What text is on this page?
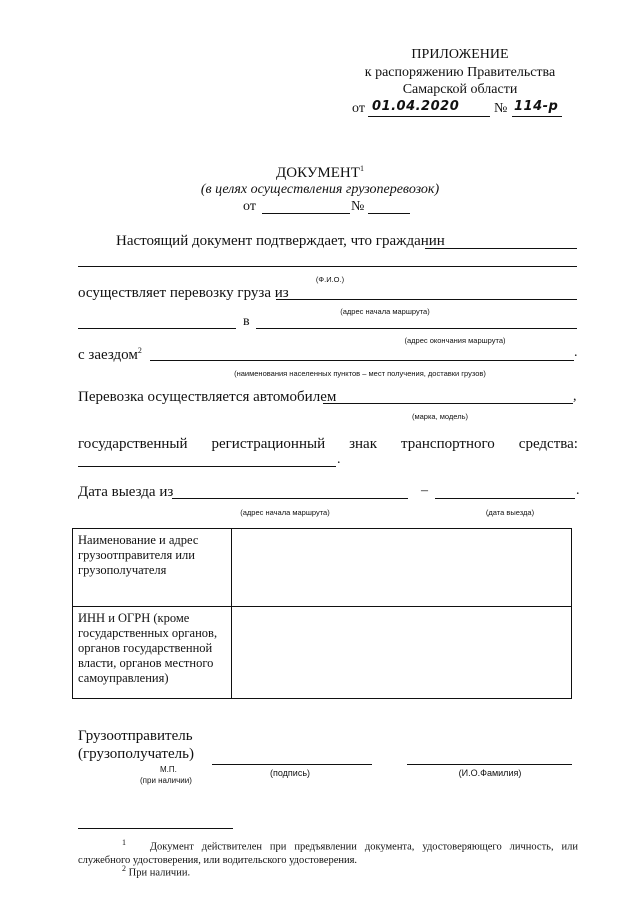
ПРИЛОЖЕНИЕ
к распоряжению Правительства
Самарской области
от 01.04.2020 № 114-р
ДОКУМЕНТ$^1$
(в целях осуществления грузоперевозок)
от	№
Настоящий документ подтверждает, что гражданин
(Ф.И.О.)
осуществляет перевозку груза из
(адрес начала маршрута)
в
(адрес окончания маршрута)
с заездом$^2$	.
(наименования населенных пунктов – мест получения, доставки грузов)
Перевозка осуществляется автомобилем	,
(марка, модель)
государственный регистрационный знак транспортного средства:
.
Дата выезда из	–	.
(адрес начала маршрута)	(дата выезда)
Наименование и адрес грузоотправителя или грузополучателя	
ИНН и ОГРН (кроме государственных органов, органов государственной власти, органов местного самоуправления)	
Грузоотправитель
(грузополучатель)
М.П.
(при наличии)
(подпись)	(И.О.Фамилия)
$^1$ Документ действителен при предъявлении документа, удостоверяющего личность, или служебного удостоверения, или водительского удостоверения.
$^2$ При наличии.
